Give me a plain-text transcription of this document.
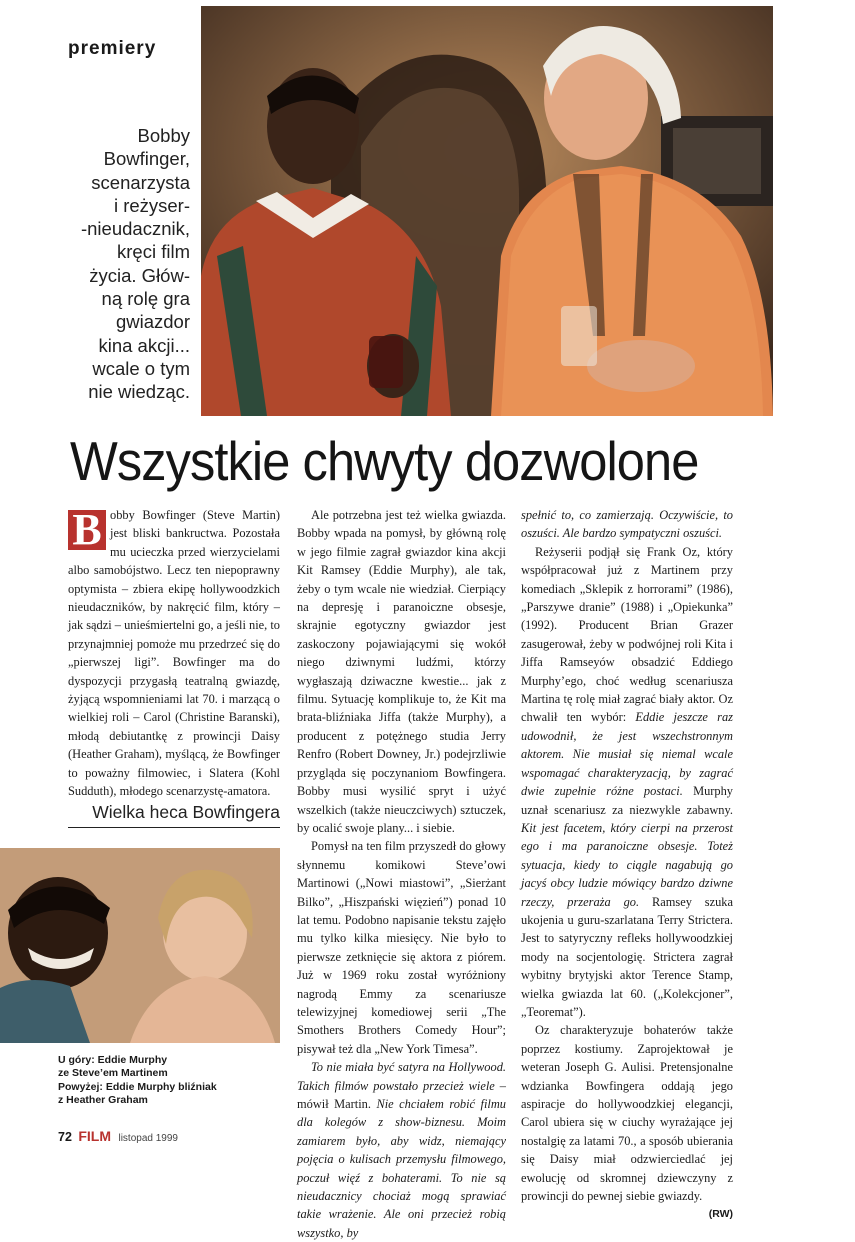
premiery
Bobby
Bowfinger,
scenarzysta
i reżyser-
-nieudacznik,
kręci film
życia. Głów-
ną rolę gra
gwiazdor
kina akcji...
wcale o tym
nie wiedząc.
Wszystkie chwyty dozwolone

B obby Bowfinger (Steve Martin) jest bliski bankructwa. Pozostała mu ucieczka przed wierzycielami albo samobójstwo. Lecz ten niepoprawny optymista – zbiera ekipę hollywoodzkich nieudaczników, by nakręcić film, który – jak sądzi – unieśmiertelni go, a jeśli nie, to przynajmniej pomoże mu przedrzeć się do „pierwszej ligi”. Bowfinger ma do dyspozycji przygasłą teatralną gwiazdę, żyjącą wspomnieniami lat 70. i marzącą o wielkiej roli – Carol (Christine Baranski), młodą debiutantkę z prowincji Daisy (Heather Graham), myślącą, że Bowfinger to poważny filmowiec, i Slatera (Kohl Sudduth), młodego scenarzystę-amatora.

Wielka heca Bowfingera
U góry: Eddie Murphy
ze Steve’em Martinem
Powyżej: Eddie Murphy bliźniak
z Heather Graham

Ale potrzebna jest też wielka gwiazda. Bobby wpada na pomysł, by główną rolę w jego filmie zagrał gwiazdor kina akcji Kit Ramsey (Eddie Murphy), ale tak, żeby o tym wcale nie wiedział. Cierpiący na depresję i paranoiczne obsesje, skrajnie egotyczny gwiazdor jest zaskoczony pojawiającymi się wokół niego dziwnymi ludźmi, którzy wygłaszają dziwaczne kwestie... jak z filmu. Sytuację komplikuje to, że Kit ma brata-bliźniaka Jiffa (także Murphy), a producent z potężnego studia Jerry Renfro (Robert Downey, Jr.) podejrzliwie przygląda się poczynaniom Bowfingera. Bobby musi wysilić spryt i użyć wszelkich (także nieuczciwych) sztuczek, by ocalić swoje plany... i siebie.

Pomysł na ten film przyszedł do głowy słynnemu komikowi Steve’owi Martinowi („Nowi miastowi”, „Sierżant Bilko”, „Hiszpański więzień”) ponad 10 lat temu. Podobno napisanie tekstu zajęło mu tylko kilka miesięcy. Nie było to pierwsze zetknięcie się aktora z piórem. Już w 1969 roku został wyróżniony nagrodą Emmy za scenariusze telewizyjnej komediowej serii „The Smothers Brothers Comedy Hour”; pisywał też dla „New York Timesa”.

To nie miała być satyra na Hollywood. Takich filmów powstało przecież wiele – mówił Martin. Nie chciałem robić filmu dla kolegów z show-biznesu. Moim zamiarem było, aby widz, niemający pojęcia o kulisach przemysłu filmowego, poczuł więź z bohaterami. To nie są nieudacznicy chociaż mogą sprawiać takie wrażenie. Ale oni przecież robią wszystko, by

spełnić to, co zamierzają. Oczywiście, to oszuści. Ale bardzo sympatyczni oszuści.

Reżyserii podjął się Frank Oz, który współpracował już z Martinem przy komediach „Sklepik z horrorami” (1986), „Parszywe dranie” (1988) i „Opiekunka” (1992). Producent Brian Grazer zasugerował, żeby w podwójnej roli Kita i Jiffa Ramseyów obsadzić Eddiego Murphy’ego, choć według scenariusza Martina tę rolę miał zagrać biały aktor. Oz chwalił ten wybór: Eddie jeszcze raz udowodnił, że jest wszechstronnym aktorem. Nie musiał się niemal wcale wspomagać charakteryzacją, by zagrać dwie zupełnie różne postaci. Murphy uznał scenariusz za niezwykle zabawny. Kit jest facetem, który cierpi na przerost ego i ma paranoiczne obsesje. Toteż sytuacja, kiedy to ciągle nagabują go jacyś obcy ludzie mówiący bardzo dziwne rzeczy, przeraża go. Ramsey szuka ukojenia u guru-szarlatana Terry Strictera. Jest to satyryczny refleks hollywoodzkiej mody na socjentologię. Strictera zagrał wybitny brytyjski aktor Terence Stamp, wielka gwiazda lat 60. („Kolekcjoner”, „Teoremat”).

Oz charakteryzuje bohaterów także poprzez kostiumy. Zaprojektował je weteran Joseph G. Aulisi. Pretensjonalne wdzianka Bowfingera oddają jego aspiracje do hollywoodzkiej elegancji, Carol ubiera się w ciuchy wyrażające jej nostalgię za latami 70., a sposób ubierania się Daisy miał odzwierciedlać jej ewolucję od skromnej dziewczyny z prowincji do pewnej siebie gwiazdy.
(RW)

72 FILM listopad 1999
